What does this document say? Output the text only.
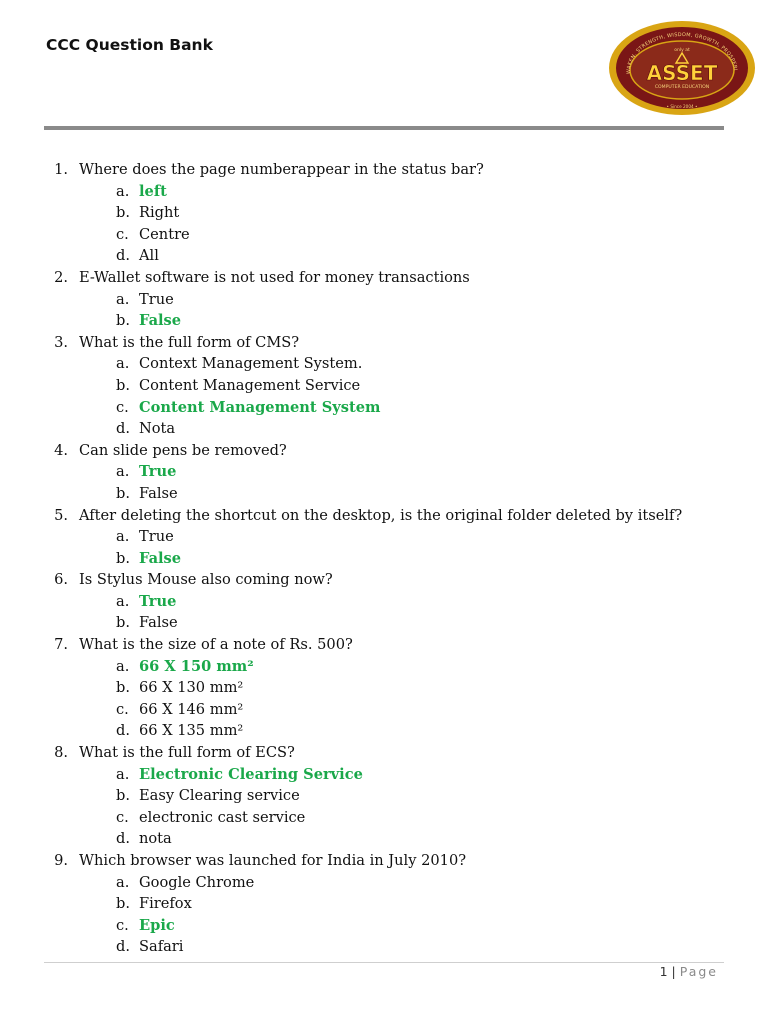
CCC Question Bank
WAKEN, STRENGTH, WISDOM, GROWTH, PROSPERI
only at
ASSET
COMPUTER EDUCATION
• Since 2004 •
1. Where does the page numberappear in the status bar?
a. left
b. Right
c. Centre
d. All
2. E-Wallet software is not used for money transactions
a. True
b. False
3. What is the full form of CMS?
a. Context Management System.
b. Content Management Service
c. Content Management System
d. Nota
4. Can slide pens be removed?
a. True
b. False
5. After deleting the shortcut on the desktop, is the original folder deleted by itself?
a. True
b. False
6. Is Stylus Mouse also coming now?
a. True
b. False
7. What is the size of a note of Rs. 500?
a. 66 X 150 mm²
b. 66 X 130 mm²
c. 66 X 146 mm²
d. 66 X 135 mm²
8. What is the full form of ECS?
a. Electronic Clearing Service
b. Easy Clearing service
c. electronic cast service
d. nota
9. Which browser was launched for India in July 2010?
a. Google Chrome
b. Firefox
c. Epic
d. Safari
1 | Page
